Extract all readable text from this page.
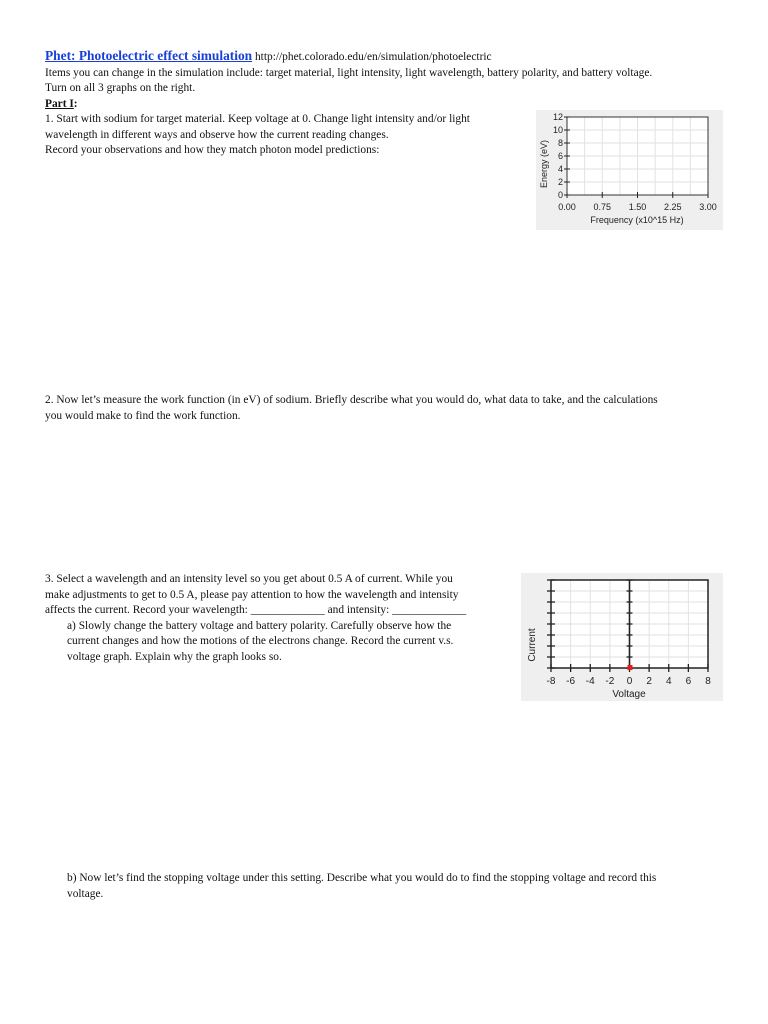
Phet: Photoelectric effect simulation http://phet.colorado.edu/en/simulation/photoelectric
Items you can change in the simulation include: target material, light intensity, light wavelength, battery polarity, and battery voltage.
Turn on all 3 graphs on the right.
Part I:
1. Start with sodium for target material. Keep voltage at 0. Change light intensity and/or light
wavelength in different ways and observe how the current reading changes.
Record your observations and how they match photon model predictions:
0
2
4
6
8
10
12
0.00 0.75 1.50 2.25 3.00
Frequency (x10^15 Hz)
Energy (eV)
2. Now let’s measure the work function (in eV) of sodium. Briefly describe what you would do, what data to take, and the calculations
you would make to find the work function.
3. Select a wavelength and an intensity level so you get about 0.5 A of current. While you
make adjustments to get to 0.5 A, please pay attention to how the wavelength and intensity
affects the current. Record your wavelength: _____________ and intensity: _____________
a) Slowly change the battery voltage and battery polarity. Carefully observe how the
current changes and how the motions of the electrons change. Record the current v.s.
voltage graph. Explain why the graph looks so.
-8 -6 -4 -2 0 2 4 6 8
Voltage
Current
b) Now let’s find the stopping voltage under this setting. Describe what you would do to find the stopping voltage and record this
voltage.
